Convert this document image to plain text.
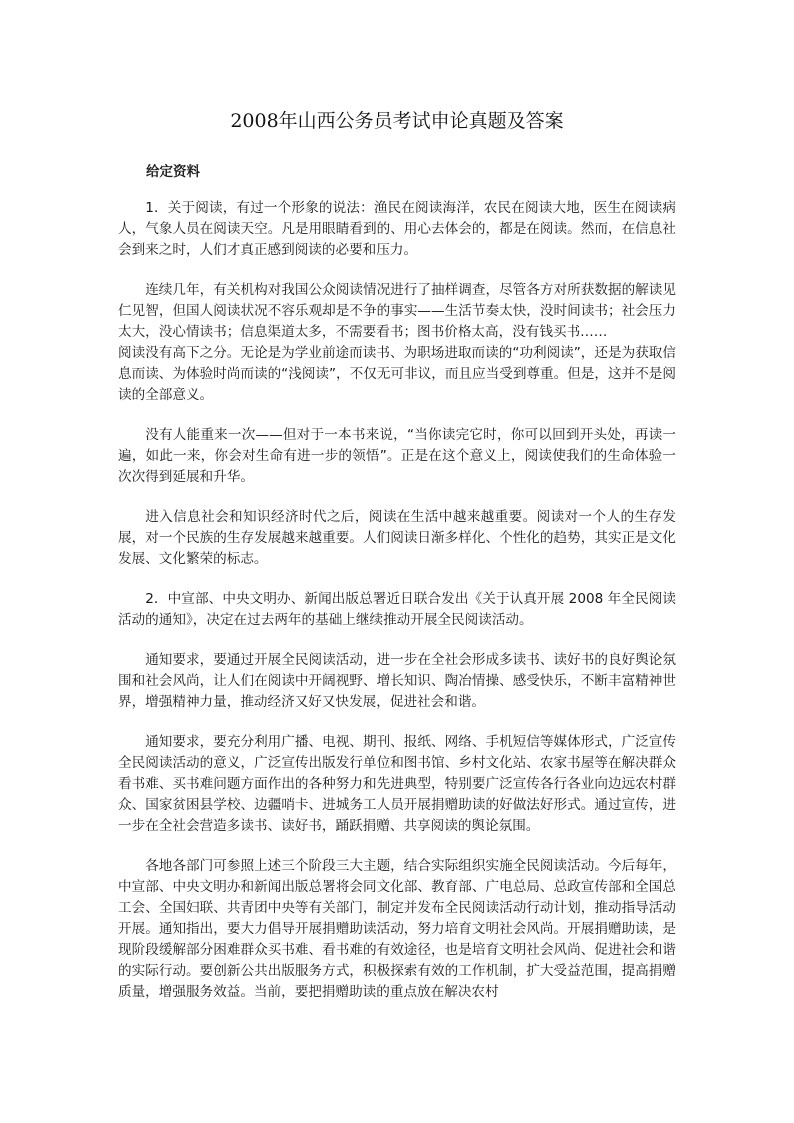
2008年山西公务员考试申论真题及答案
给定资料

1．关于阅读，有过一个形象的说法：渔民在阅读海洋，农民在阅读大地，医生在阅读病人，气象人员在阅读天空。凡是用眼睛看到的、用心去体会的，都是在阅读。然而，在信息社会到来之时，人们才真正感到阅读的必要和压力。

连续几年，有关机构对我国公众阅读情况进行了抽样调查，尽管各方对所获数据的解读见仁见智，但国人阅读状况不容乐观却是不争的事实——生活节奏太快，没时间读书；社会压力太大，没心情读书；信息渠道太多，不需要看书；图书价格太高，没有钱买书……

阅读没有高下之分。无论是为学业前途而读书、为职场进取而读的“功利阅读”，还是为获取信息而读、为体验时尚而读的“浅阅读”，不仅无可非议，而且应当受到尊重。但是，这并不是阅读的全部意义。

没有人能重来一次——但对于一本书来说，“当你读完它时，你可以回到开头处，再读一遍，如此一来，你会对生命有进一步的领悟”。正是在这个意义上，阅读使我们的生命体验一次次得到延展和升华。

进入信息社会和知识经济时代之后，阅读在生活中越来越重要。阅读对一个人的生存发展，对一个民族的生存发展越来越重要。人们阅读日渐多样化、个性化的趋势，其实正是文化发展、文化繁荣的标志。

2．中宣部、中央文明办、新闻出版总署近日联合发出《关于认真开展 2008 年全民阅读活动的通知》，决定在过去两年的基础上继续推动开展全民阅读活动。

通知要求，要通过开展全民阅读活动，进一步在全社会形成多读书、读好书的良好舆论氛围和社会风尚，让人们在阅读中开阔视野、增长知识、陶冶情操、感受快乐，不断丰富精神世界，增强精神力量，推动经济又好又快发展，促进社会和谐。

通知要求，要充分利用广播、电视、期刊、报纸、网络、手机短信等媒体形式，广泛宣传全民阅读活动的意义，广泛宣传出版发行单位和图书馆、乡村文化站、农家书屋等在解决群众看书难、买书难问题方面作出的各种努力和先进典型，特别要广泛宣传各行各业向边远农村群众、国家贫困县学校、边疆哨卡、进城务工人员开展捐赠助读的好做法好形式。通过宣传，进一步在全社会营造多读书、读好书，踊跃捐赠、共享阅读的舆论氛围。

各地各部门可参照上述三个阶段三大主题，结合实际组织实施全民阅读活动。今后每年，中宣部、中央文明办和新闻出版总署将会同文化部、教育部、广电总局、总政宣传部和全国总工会、全国妇联、共青团中央等有关部门，制定并发布全民阅读活动行动计划，推动指导活动开展。通知指出，要大力倡导开展捐赠助读活动，努力培育文明社会风尚。开展捐赠助读，是现阶段缓解部分困难群众买书难、看书难的有效途径，也是培育文明社会风尚、促进社会和谐的实际行动。要创新公共出版服务方式，积极探索有效的工作机制，扩大受益范围，提高捐赠质量，增强服务效益。当前，要把捐赠助读的重点放在解决农村
